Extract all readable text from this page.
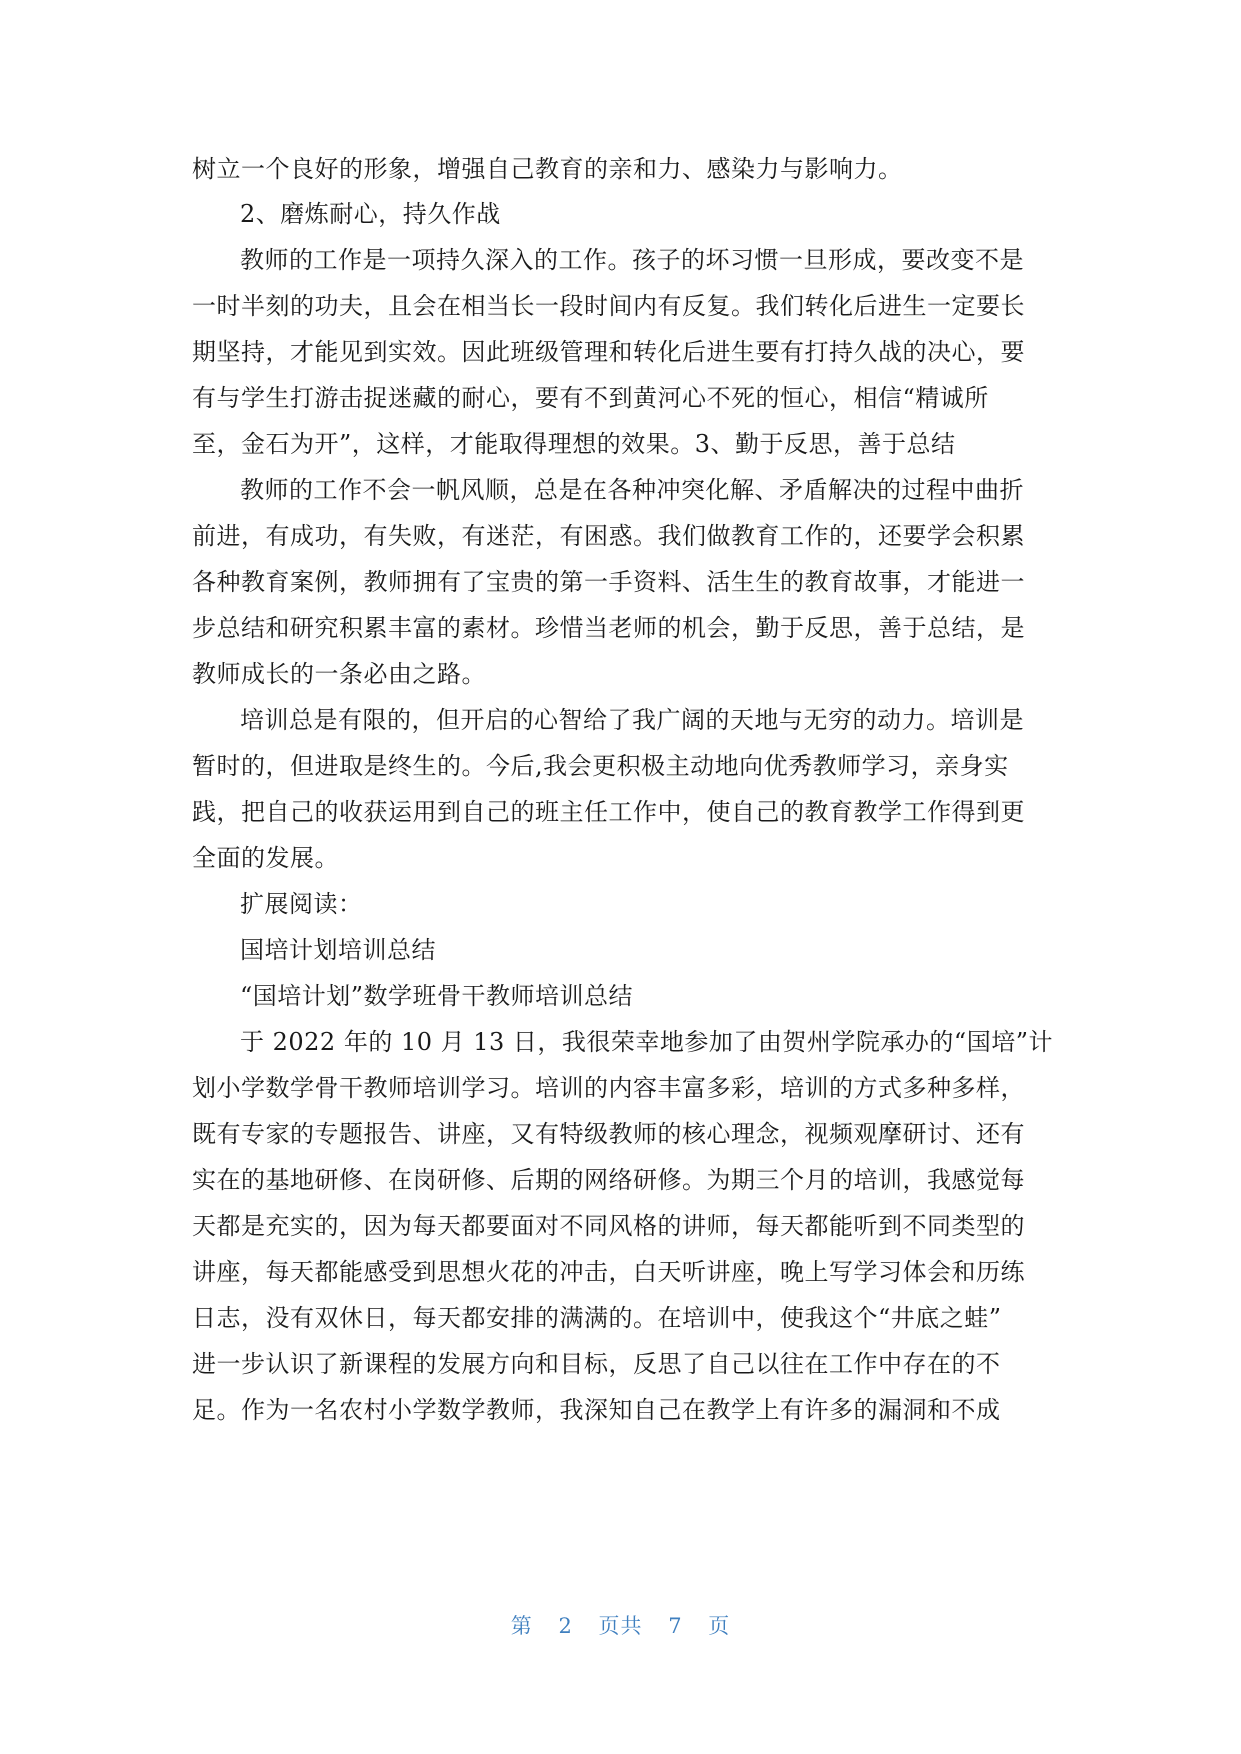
树立一个良好的形象，增强自己教育的亲和力、感染力与影响力。
2、磨炼耐心，持久作战
教师的工作是一项持久深入的工作。孩子的坏习惯一旦形成，要改变不是
一时半刻的功夫，且会在相当长一段时间内有反复。我们转化后进生一定要长
期坚持，才能见到实效。因此班级管理和转化后进生要有打持久战的决心，要
有与学生打游击捉迷藏的耐心，要有不到黄河心不死的恒心，相信“精诚所
至，金石为开”，这样，才能取得理想的效果。3、勤于反思，善于总结
教师的工作不会一帆风顺，总是在各种冲突化解、矛盾解决的过程中曲折
前进，有成功，有失败，有迷茫，有困惑。我们做教育工作的，还要学会积累
各种教育案例，教师拥有了宝贵的第一手资料、活生生的教育故事，才能进一
步总结和研究积累丰富的素材。珍惜当老师的机会，勤于反思，善于总结，是
教师成长的一条必由之路。
培训总是有限的，但开启的心智给了我广阔的天地与无穷的动力。培训是
暂时的，但进取是终生的。今后,我会更积极主动地向优秀教师学习，亲身实
践，把自己的收获运用到自己的班主任工作中，使自己的教育教学工作得到更
全面的发展。
扩展阅读：
国培计划培训总结
“国培计划”数学班骨干教师培训总结
于 2022 年的 10 月 13 日，我很荣幸地参加了由贺州学院承办的“国培”计
划小学数学骨干教师培训学习。培训的内容丰富多彩，培训的方式多种多样，
既有专家的专题报告、讲座，又有特级教师的核心理念，视频观摩研讨、还有
实在的基地研修、在岗研修、后期的网络研修。为期三个月的培训，我感觉每
天都是充实的，因为每天都要面对不同风格的讲师，每天都能听到不同类型的
讲座，每天都能感受到思想火花的冲击，白天听讲座，晚上写学习体会和历练
日志，没有双休日，每天都安排的满满的。在培训中，使我这个“井底之蛙”
进一步认识了新课程的发展方向和目标，反思了自己以往在工作中存在的不
足。作为一名农村小学数学教师，我深知自己在教学上有许多的漏洞和不成
第 2 页共 7 页
